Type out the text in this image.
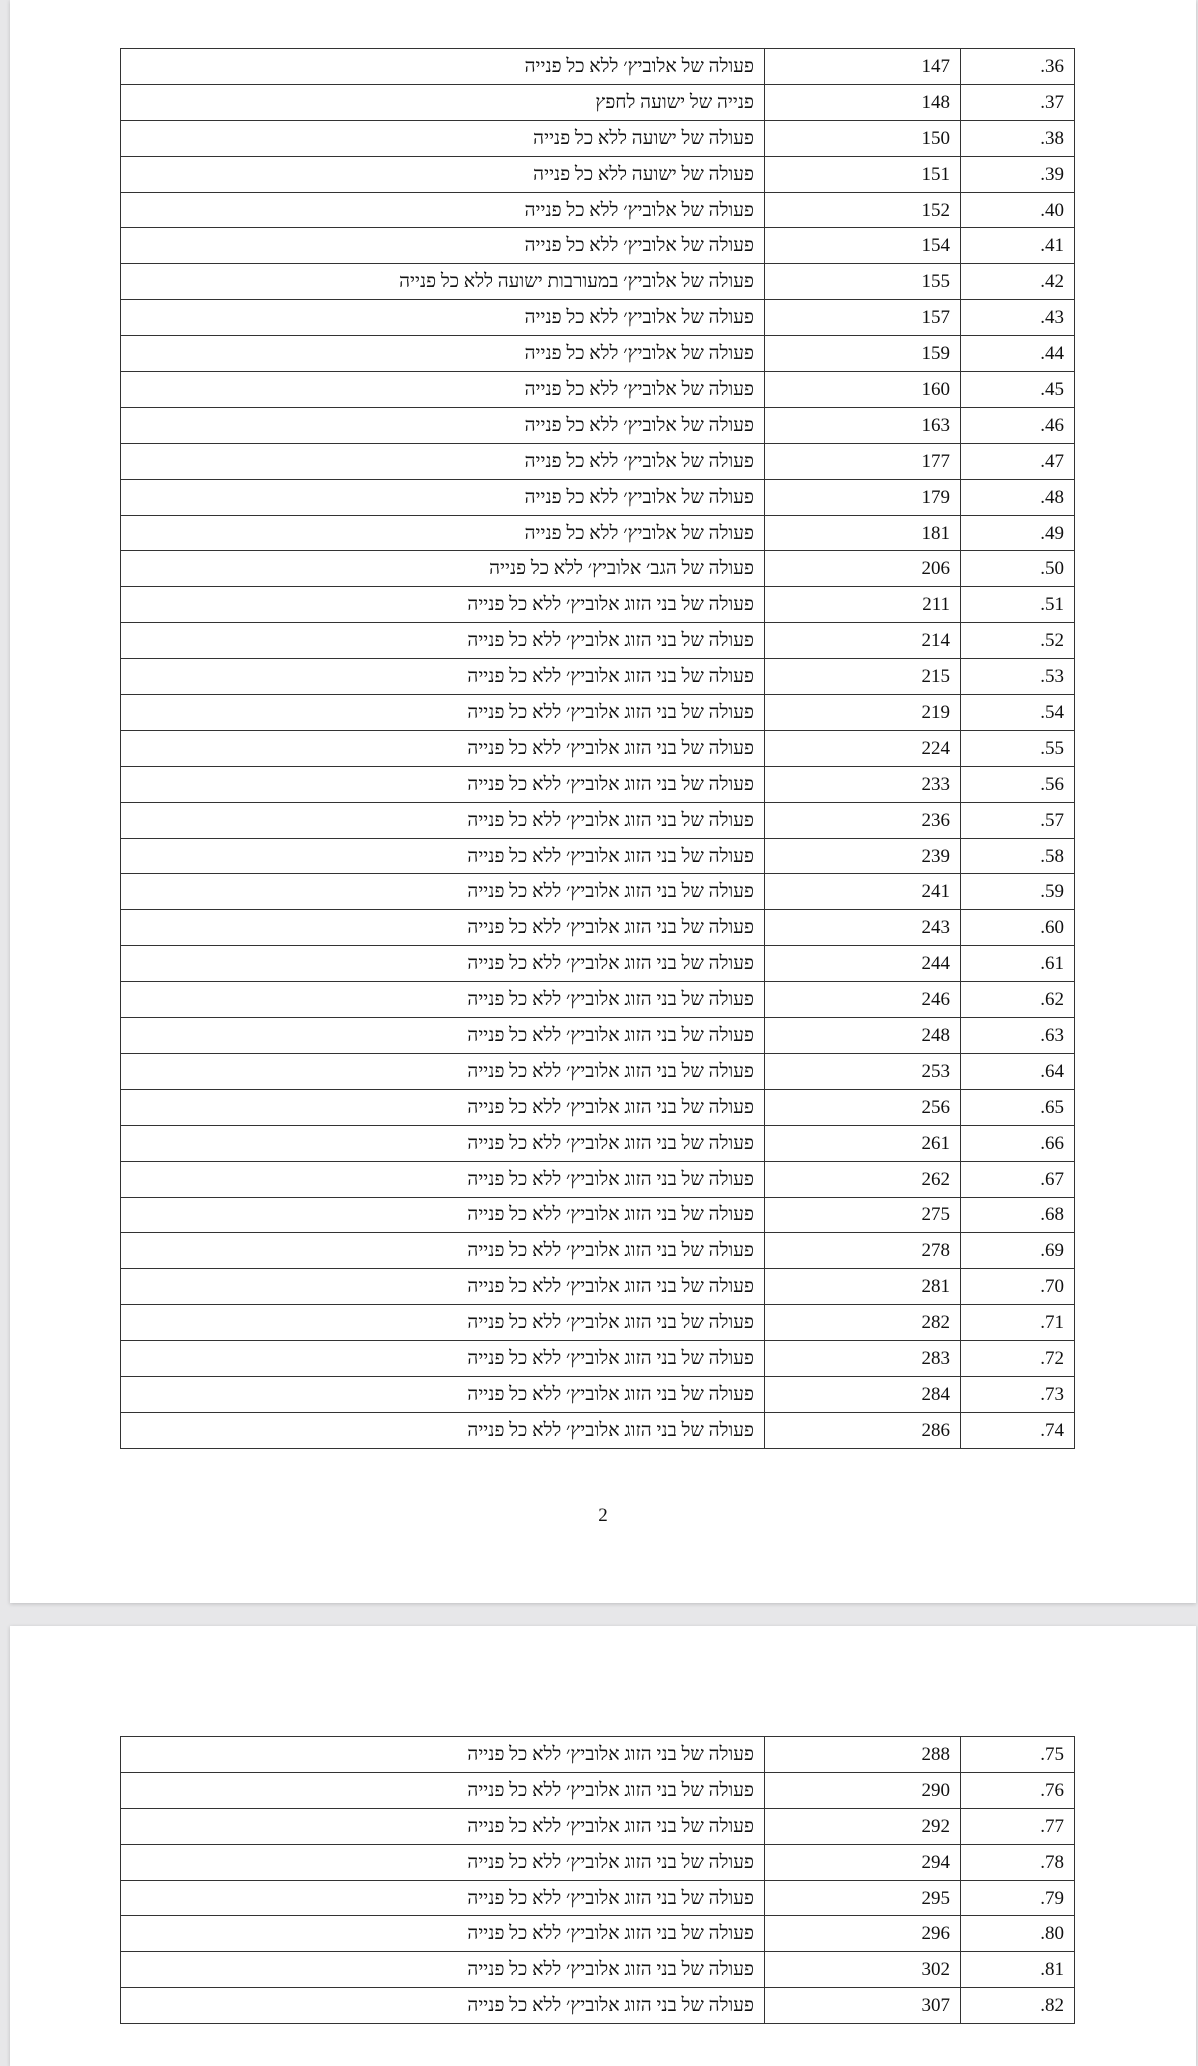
36.	147	פעולה של אלוביץ׳ ללא כל פנייה
37.	148	פנייה של ישועה לחפץ
38.	150	פעולה של ישועה ללא כל פנייה
39.	151	פעולה של ישועה ללא כל פנייה
40.	152	פעולה של אלוביץ׳ ללא כל פנייה
41.	154	פעולה של אלוביץ׳ ללא כל פנייה
42.	155	פעולה של אלוביץ׳ במעורבות ישועה ללא כל פנייה
43.	157	פעולה של אלוביץ׳ ללא כל פנייה
44.	159	פעולה של אלוביץ׳ ללא כל פנייה
45.	160	פעולה של אלוביץ׳ ללא כל פנייה
46.	163	פעולה של אלוביץ׳ ללא כל פנייה
47.	177	פעולה של אלוביץ׳ ללא כל פנייה
48.	179	פעולה של אלוביץ׳ ללא כל פנייה
49.	181	פעולה של אלוביץ׳ ללא כל פנייה
50.	206	פעולה של הגב׳ אלוביץ׳ ללא כל פנייה
51.	211	פעולה של בני הזוג אלוביץ׳ ללא כל פנייה
52.	214	פעולה של בני הזוג אלוביץ׳ ללא כל פנייה
53.	215	פעולה של בני הזוג אלוביץ׳ ללא כל פנייה
54.	219	פעולה של בני הזוג אלוביץ׳ ללא כל פנייה
55.	224	פעולה של בני הזוג אלוביץ׳ ללא כל פנייה
56.	233	פעולה של בני הזוג אלוביץ׳ ללא כל פנייה
57.	236	פעולה של בני הזוג אלוביץ׳ ללא כל פנייה
58.	239	פעולה של בני הזוג אלוביץ׳ ללא כל פנייה
59.	241	פעולה של בני הזוג אלוביץ׳ ללא כל פנייה
60.	243	פעולה של בני הזוג אלוביץ׳ ללא כל פנייה
61.	244	פעולה של בני הזוג אלוביץ׳ ללא כל פנייה
62.	246	פעולה של בני הזוג אלוביץ׳ ללא כל פנייה
63.	248	פעולה של בני הזוג אלוביץ׳ ללא כל פנייה
64.	253	פעולה של בני הזוג אלוביץ׳ ללא כל פנייה
65.	256	פעולה של בני הזוג אלוביץ׳ ללא כל פנייה
66.	261	פעולה של בני הזוג אלוביץ׳ ללא כל פנייה
67.	262	פעולה של בני הזוג אלוביץ׳ ללא כל פנייה
68.	275	פעולה של בני הזוג אלוביץ׳ ללא כל פנייה
69.	278	פעולה של בני הזוג אלוביץ׳ ללא כל פנייה
70.	281	פעולה של בני הזוג אלוביץ׳ ללא כל פנייה
71.	282	פעולה של בני הזוג אלוביץ׳ ללא כל פנייה
72.	283	פעולה של בני הזוג אלוביץ׳ ללא כל פנייה
73.	284	פעולה של בני הזוג אלוביץ׳ ללא כל פנייה
74.	286	פעולה של בני הזוג אלוביץ׳ ללא כל פנייה
2
75.	288	פעולה של בני הזוג אלוביץ׳ ללא כל פנייה
76.	290	פעולה של בני הזוג אלוביץ׳ ללא כל פנייה
77.	292	פעולה של בני הזוג אלוביץ׳ ללא כל פנייה
78.	294	פעולה של בני הזוג אלוביץ׳ ללא כל פנייה
79.	295	פעולה של בני הזוג אלוביץ׳ ללא כל פנייה
80.	296	פעולה של בני הזוג אלוביץ׳ ללא כל פנייה
81.	302	פעולה של בני הזוג אלוביץ׳ ללא כל פנייה
82.	307	פעולה של בני הזוג אלוביץ׳ ללא כל פנייה
